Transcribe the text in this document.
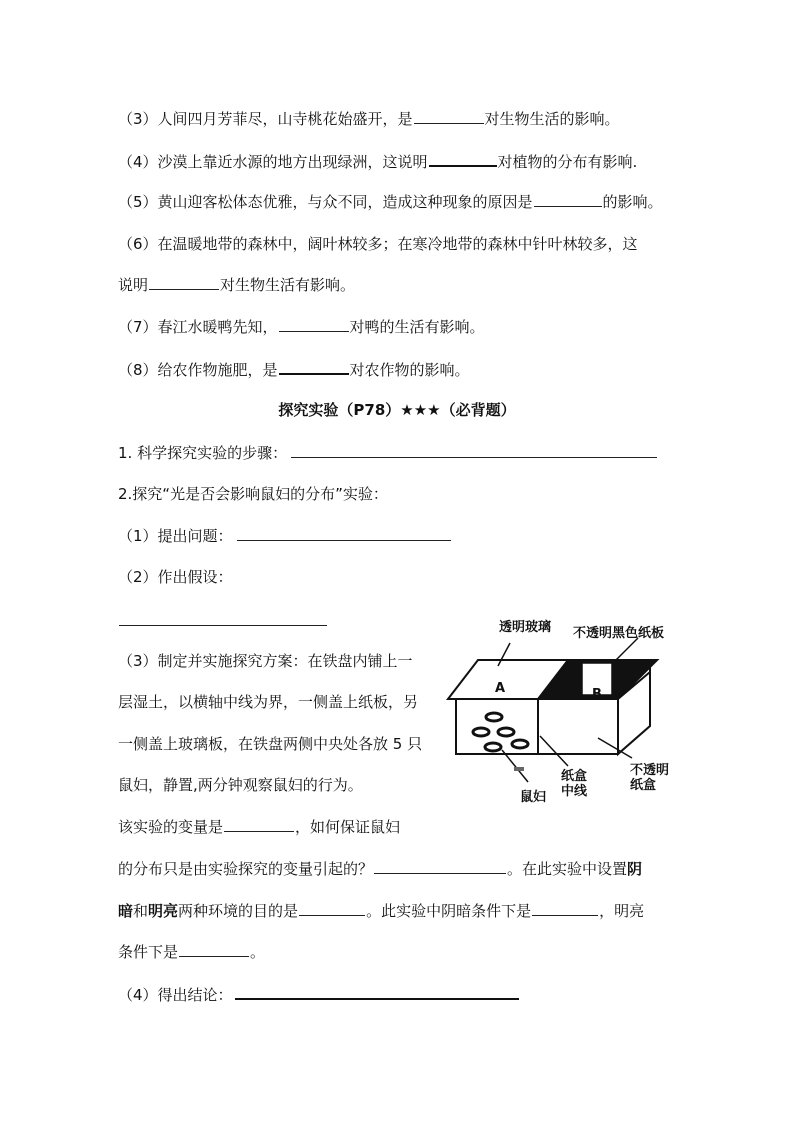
（3）人间四月芳菲尽，山寺桃花始盛开，是	对生物生活的影响。
（4）沙漠上靠近水源的地方出现绿洲，这说明	对植物的分布有影响.
（5）黄山迎客松体态优雅，与众不同，造成这种现象的原因是	的影响。
（6）在温暖地带的森林中，阔叶林较多；在寒冷地带的森林中针叶林较多，这
说明	对生物生活有影响。
（7）春江水暖鸭先知，	对鸭的生活有影响。
（8）给农作物施肥，是	对农作物的影响。
探究实验（P78）★★★（必背题）
1. 科学探究实验的步骤：
2.探究“光是否会影响鼠妇的分布”实验：
（1）提出问题：
（2）作出假设：
（3）制定并实施探究方案：在铁盘内铺上一
层湿土，以横轴中线为界，一侧盖上纸板，另
一侧盖上玻璃板，在铁盘两侧中央处各放 5 只
鼠妇，静置,两分钟观察鼠妇的行为。
该实验的变量是	，如何保证鼠妇
的分布只是由实验探究的变量引起的？	。在此实验中设置阴
暗和明亮两种环境的目的是	。此实验中阴暗条件下是	，明亮
条件下是	。
（4）得出结论：
透明玻璃 不透明黑色纸板
A	B
鼠妇
纸盒
中线
不透明
纸盒
